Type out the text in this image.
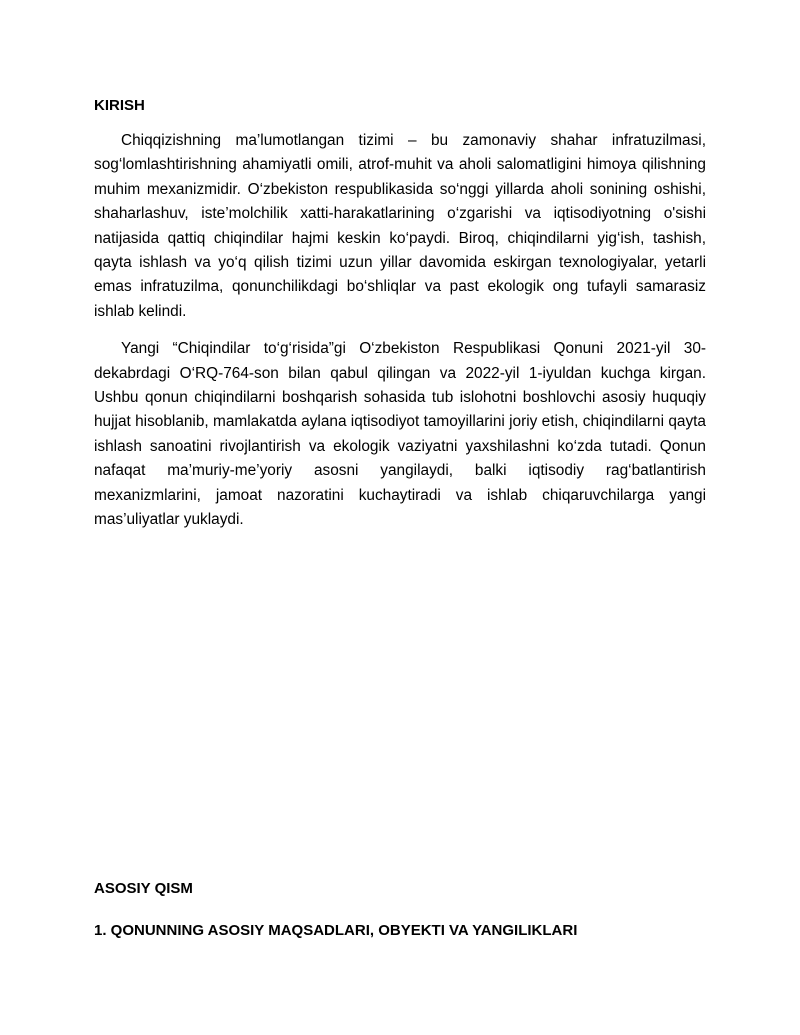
KIRISH

Chiqqizishning ma’lumotlangan tizimi – bu zamonaviy shahar infratuzilmasi, sog‘lomlashtirishning ahamiyatli omili, atrof-muhit va aholi salomatligini himoya qilishning muhim mexanizmidir. O‘zbekiston respublikasida so‘nggi yillarda aholi sonining oshishi, shaharlashuv, iste’molchilik xatti-harakatlarining o‘zgarishi va iqtisodiyotning o'sishi natijasida qattiq chiqindilar hajmi keskin ko‘paydi. Biroq, chiqindilarni yig‘ish, tashish, qayta ishlash va yo‘q qilish tizimi uzun yillar davomida eskirgan texnologiyalar, yetarli emas infratuzilma, qonunchilikdagi bo‘shliqlar va past ekologik ong tufayli samarasiz ishlab kelindi.

Yangi “Chiqindilar to‘g‘risida”gi O‘zbekiston Respublikasi Qonuni 2021-yil 30-dekabrdagi O‘RQ-764-son bilan qabul qilingan va 2022-yil 1-iyuldan kuchga kirgan. Ushbu qonun chiqindilarni boshqarish sohasida tub islohotni boshlovchi asosiy huquqiy hujjat hisoblanib, mamlakatda aylana iqtisodiyot tamoyillarini joriy etish, chiqindilarni qayta ishlash sanoatini rivojlantirish va ekologik vaziyatni yaxshilashni ko‘zda tutadi. Qonun nafaqat ma’muriy-me’yoriy asosni yangilaydi, balki iqtisodiy rag‘batlantirish mexanizmlarini, jamoat nazoratini kuchaytiradi va ishlab chiqaruvchilarga yangi mas’uliyatlar yuklaydi.

ASOSIY QISM

1. QONUNNING ASOSIY MAQSADLARI, OBYEKTI VA YANGILIKLARI
